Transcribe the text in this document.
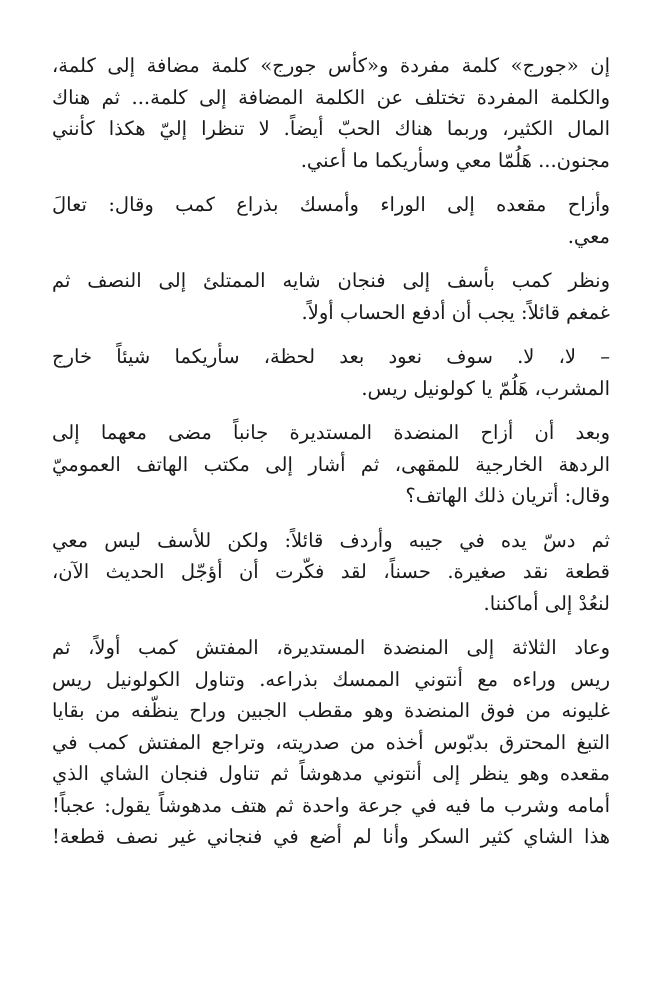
إن «جورج» كلمة مفردة و«كأس جورج» كلمة مضافة إلى كلمة،
والكلمة المفردة تختلف عن الكلمة المضافة إلى كلمة... ثم هناك
المال الكثير، وربما هناك الحبّ أيضاً. لا تنظرا إليّ هكذا كأنني
مجنون... هَلُمّا معي وسأريكما ما أعني.
وأزاح مقعده إلى الوراء وأمسك بذراع كمب وقال: تعالَ
معي.
ونظر كمب بأسف إلى فنجان شايه الممتلئ إلى النصف ثم
غمغم قائلاً: يجب أن أدفع الحساب أولاً.
– لا، لا. سوف نعود بعد لحظة، سأريكما شيئاً خارج
المشرب، هَلُمّ يا كولونيل ريس.
وبعد أن أزاح المنضدة المستديرة جانباً مضى معهما إلى
الردهة الخارجية للمقهى، ثم أشار إلى مكتب الهاتف العموميّ
وقال: أتريان ذلك الهاتف؟
ثم دسّ يده في جيبه وأردف قائلاً: ولكن للأسف ليس معي
قطعة نقد صغيرة. حسناً، لقد فكّرت أن أؤجّل الحديث الآن،
لنعُدْ إلى أماكننا.
وعاد الثلاثة إلى المنضدة المستديرة، المفتش كمب أولاً، ثم
ريس وراءه مع أنتوني الممسك بذراعه. وتناول الكولونيل ريس
غليونه من فوق المنضدة وهو مقطب الجبين وراح ينظّفه من بقايا
التبغ المحترق بدبّوس أخذه من صدريته، وتراجع المفتش كمب في
مقعده وهو ينظر إلى أنتوني مدهوشاً ثم تناول فنجان الشاي الذي
أمامه وشرب ما فيه في جرعة واحدة ثم هتف مدهوشاً يقول: عجباً!
هذا الشاي كثير السكر وأنا لم أضع في فنجاني غير نصف قطعة!
